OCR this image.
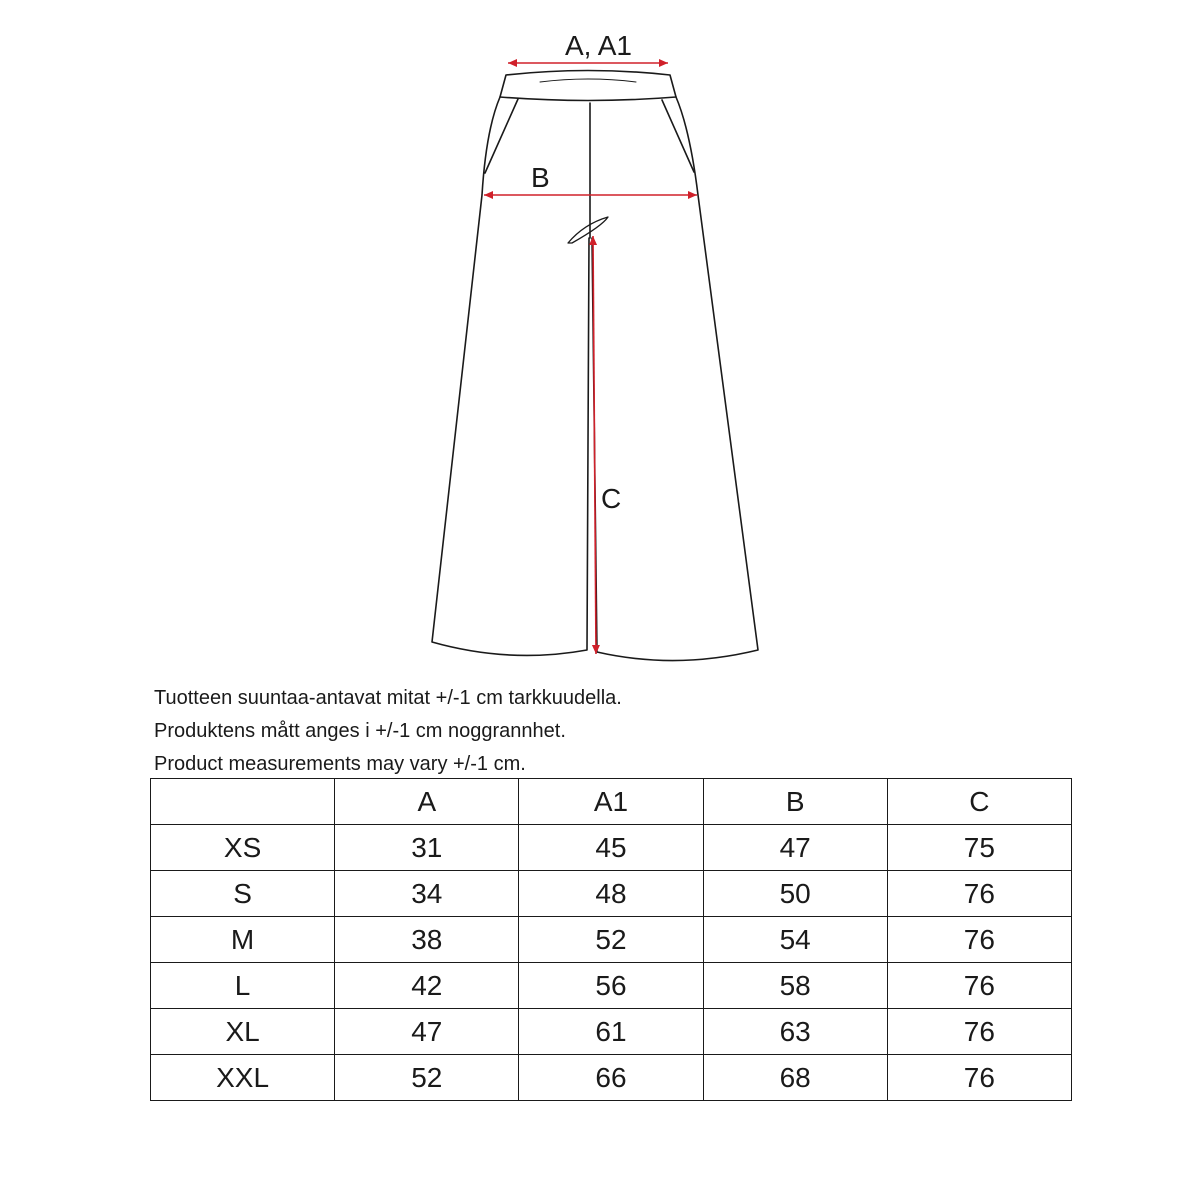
A, A1
B
C
Tuotteen suuntaa-antavat mitat +/-1 cm tarkkuudella.
Produktens mått anges i +/-1 cm noggrannhet.
Product measurements may vary +/-1 cm.
	A	A1	B	C
XS	31	45	47	75
S	34	48	50	76
M	38	52	54	76
L	42	56	58	76
XL	47	61	63	76
XXL	52	66	68	76
